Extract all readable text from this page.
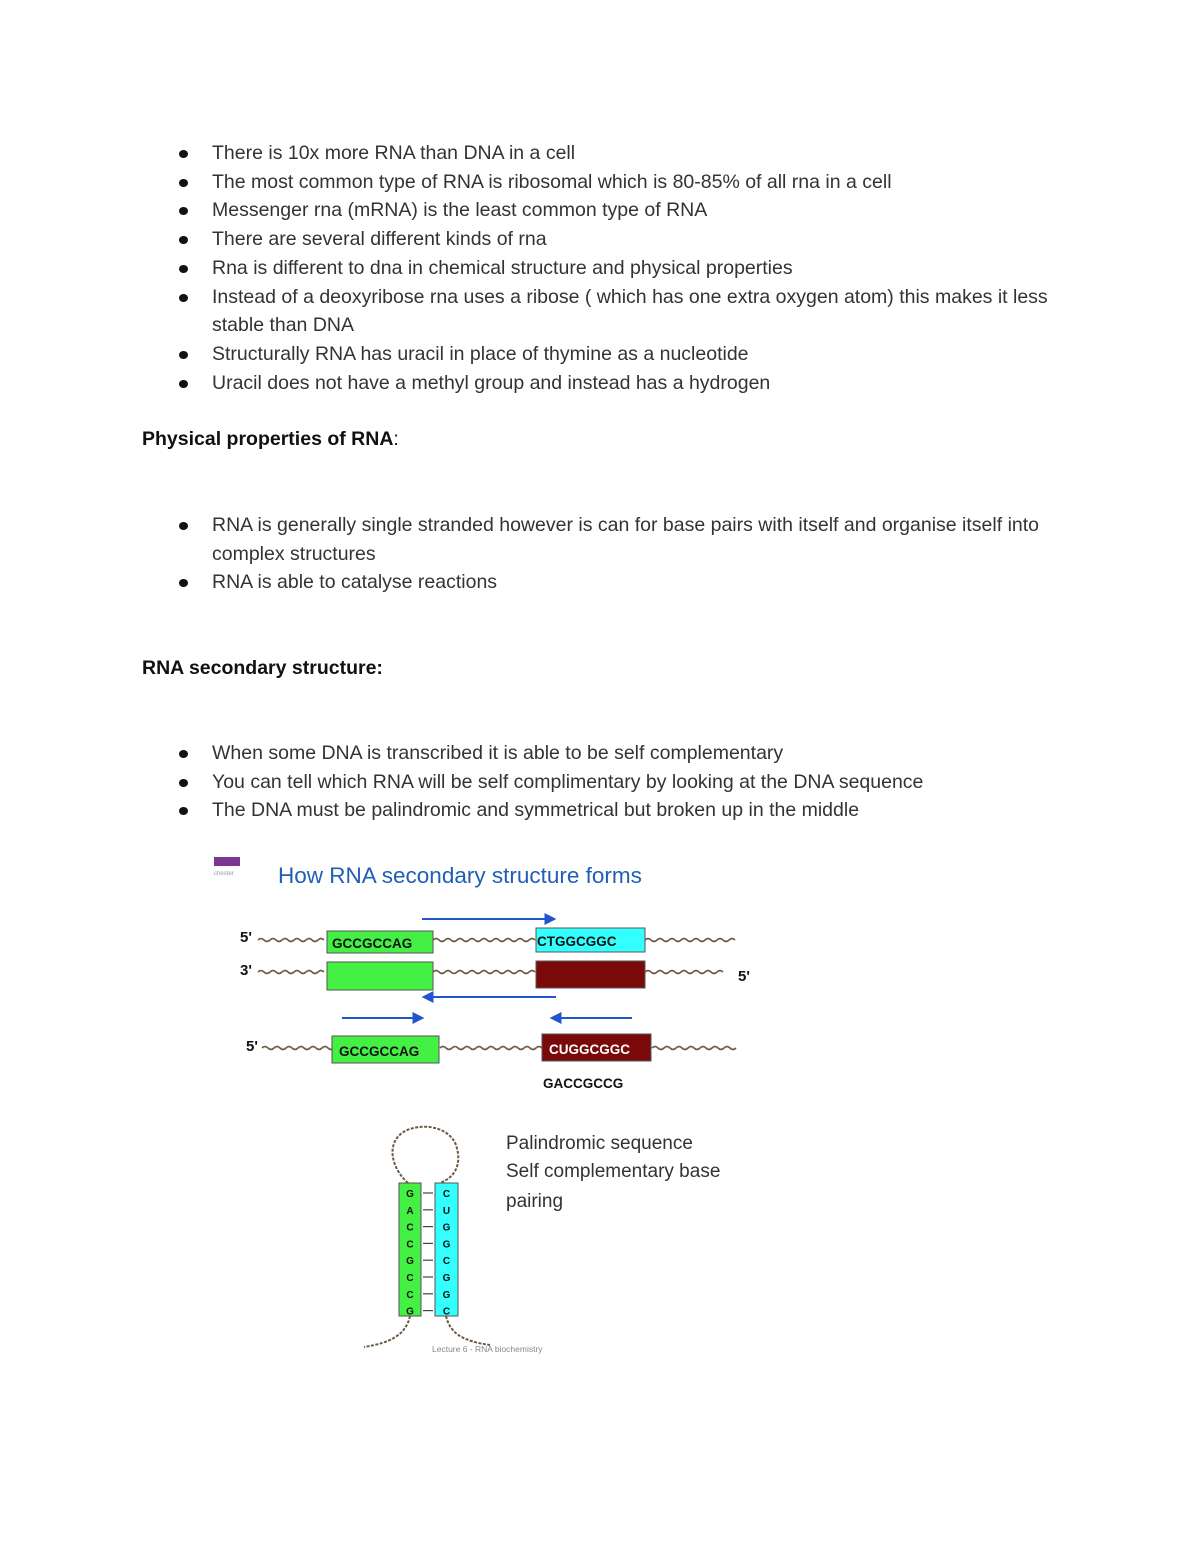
There is 10x more RNA than DNA in a cell
The most common type of RNA is ribosomal which is 80-85% of all rna in a cell
Messenger rna (mRNA) is the least common type of RNA
There are several different kinds of rna
Rna is different to dna in chemical structure and physical properties
Instead of a deoxyribose rna uses a ribose ( which has one extra oxygen atom) this makes it less stable than DNA
Structurally RNA has uracil in place of thymine as a nucleotide
Uracil does not have a methyl group and instead has a hydrogen
Physical properties of RNA:
RNA is generally single stranded however is can for base pairs with itself and organise itself into complex structures
RNA is able to catalyse reactions
RNA secondary structure:
When some DNA is transcribed it is able to be self complementary
You can tell which RNA will be self complimentary by looking at the DNA sequence
The DNA must be palindromic and symmetrical but broken up in the middle
chester How RNA secondary structure forms
5'	GCCGCCAG	CTGGCGGC
3'	5'
5'	GCCGCCAG	CUGGCGGC
GACCGCCG
G	C
A	U
C	G
C	G
G	C
C	G
C	G
G	C
Palindromic sequence
Self complementary base
pairing
Lecture 6 - RNA biochemistry
